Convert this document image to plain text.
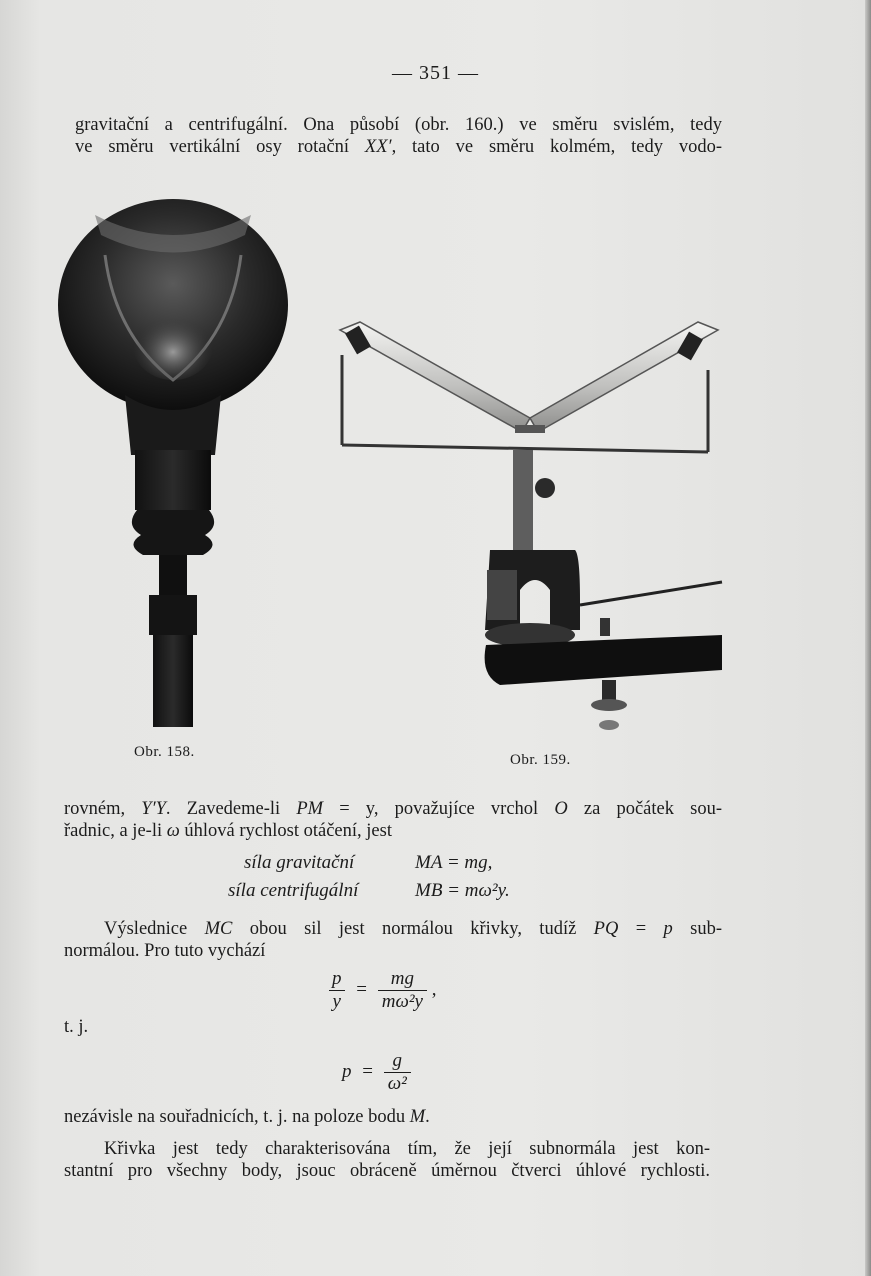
— 351 —
gravitační a centrifugální. Ona působí (obr. 160.) ve směru svislém, tedy
ve směru vertikální osy rotační XX′, tato ve směru kolmém, tedy vodo-
Obr. 158.	Obr. 159.
rovném, Y′Y. Zavedeme-li PM = y, považujíce vrchol O za počátek sou-
řadnic, a je-li ω úhlová rychlost otáčení, jest
síla gravitační	MA = mg,
síla centrifugální	MB = mω²y.
Výslednice MC obou sil jest normálou křivky, tudíž PQ = p sub-
normálou. Pro tuto vychází
$\frac{p}{y} = \frac{mg}{\text{mω²y}}$ ,
t. j.
$p = \frac{g}{\text{ω²}}$
nezávisle na souřadnicích, t. j. na poloze bodu M.
Křivka jest tedy charakterisována tím, že její subnormála jest kon-
stantní pro všechny body, jsouc obráceně úměrnou čtverci úhlové rychlosti.
